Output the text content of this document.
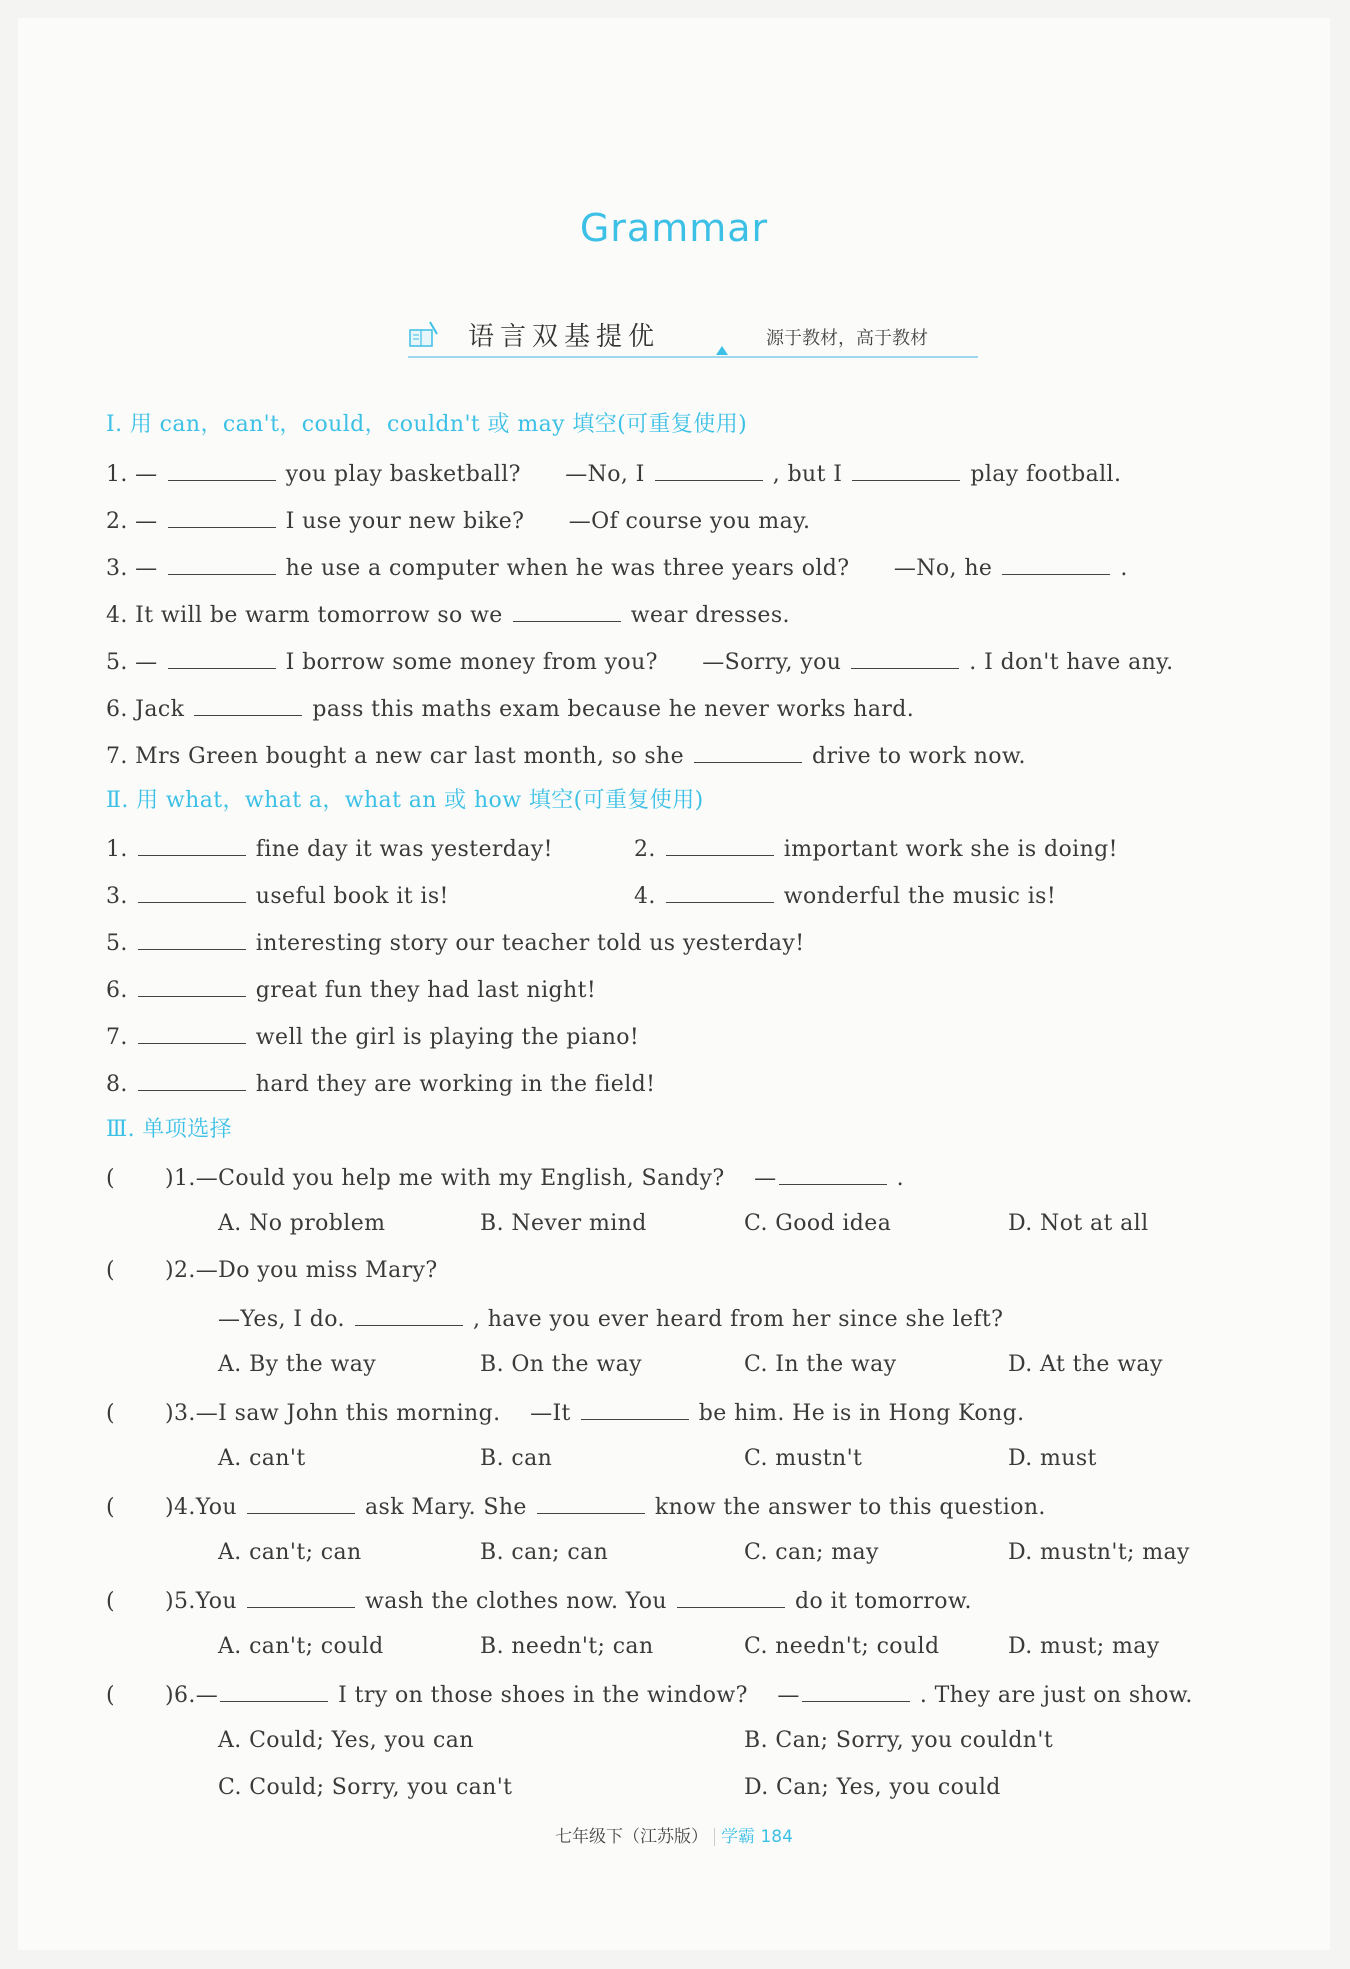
Grammar
语言双基提优	源于教材，高于教材
Ⅰ. 用 can，can't，could，couldn't 或 may 填空(可重复使用)
1. —	you play basketball? —No, I	, but I	play football.
2. —	I use your new bike? —Of course you may.
3. —	he use a computer when he was three years old? —No, he	.
4. It will be warm tomorrow so we	wear dresses.
5. —	I borrow some money from you? —Sorry, you	. I don't have any.
6. Jack	pass this maths exam because he never works hard.
7. Mrs Green bought a new car last month, so she	drive to work now.
Ⅱ. 用 what，what a，what an 或 how 填空(可重复使用)
1.	fine day it was yesterday!	2.	important work she is doing!
3.	useful book it is!	4.	wonderful the music is!
5.	interesting story our teacher told us yesterday!
6.	great fun they had last night!
7.	well the girl is playing the piano!
8.	hard they are working in the field!
Ⅲ. 单项选择
( )1.—Could you help me with my English, Sandy? —	.
A. No problem	B. Never mind	C. Good idea	D. Not at all
( )2.—Do you miss Mary?
—Yes, I do.	, have you ever heard from her since she left?
A. By the way	B. On the way	C. In the way	D. At the way
( )3.—I saw John this morning. —It	be him. He is in Hong Kong.
A. can't	B. can	C. mustn't	D. must
( )4.You	ask Mary. She	know the answer to this question.
A. can't; can	B. can; can	C. can; may	D. mustn't; may
( )5.You	wash the clothes now. You	do it tomorrow.
A. can't; could	B. needn't; can	C. needn't; could	D. must; may
( )6.—	I try on those shoes in the window? —	. They are just on show.
A. Could; Yes, you can	B. Can; Sorry, you couldn't
C. Could; Sorry, you can't	D. Can; Yes, you could
七年级下（江苏版） 学霸 184
